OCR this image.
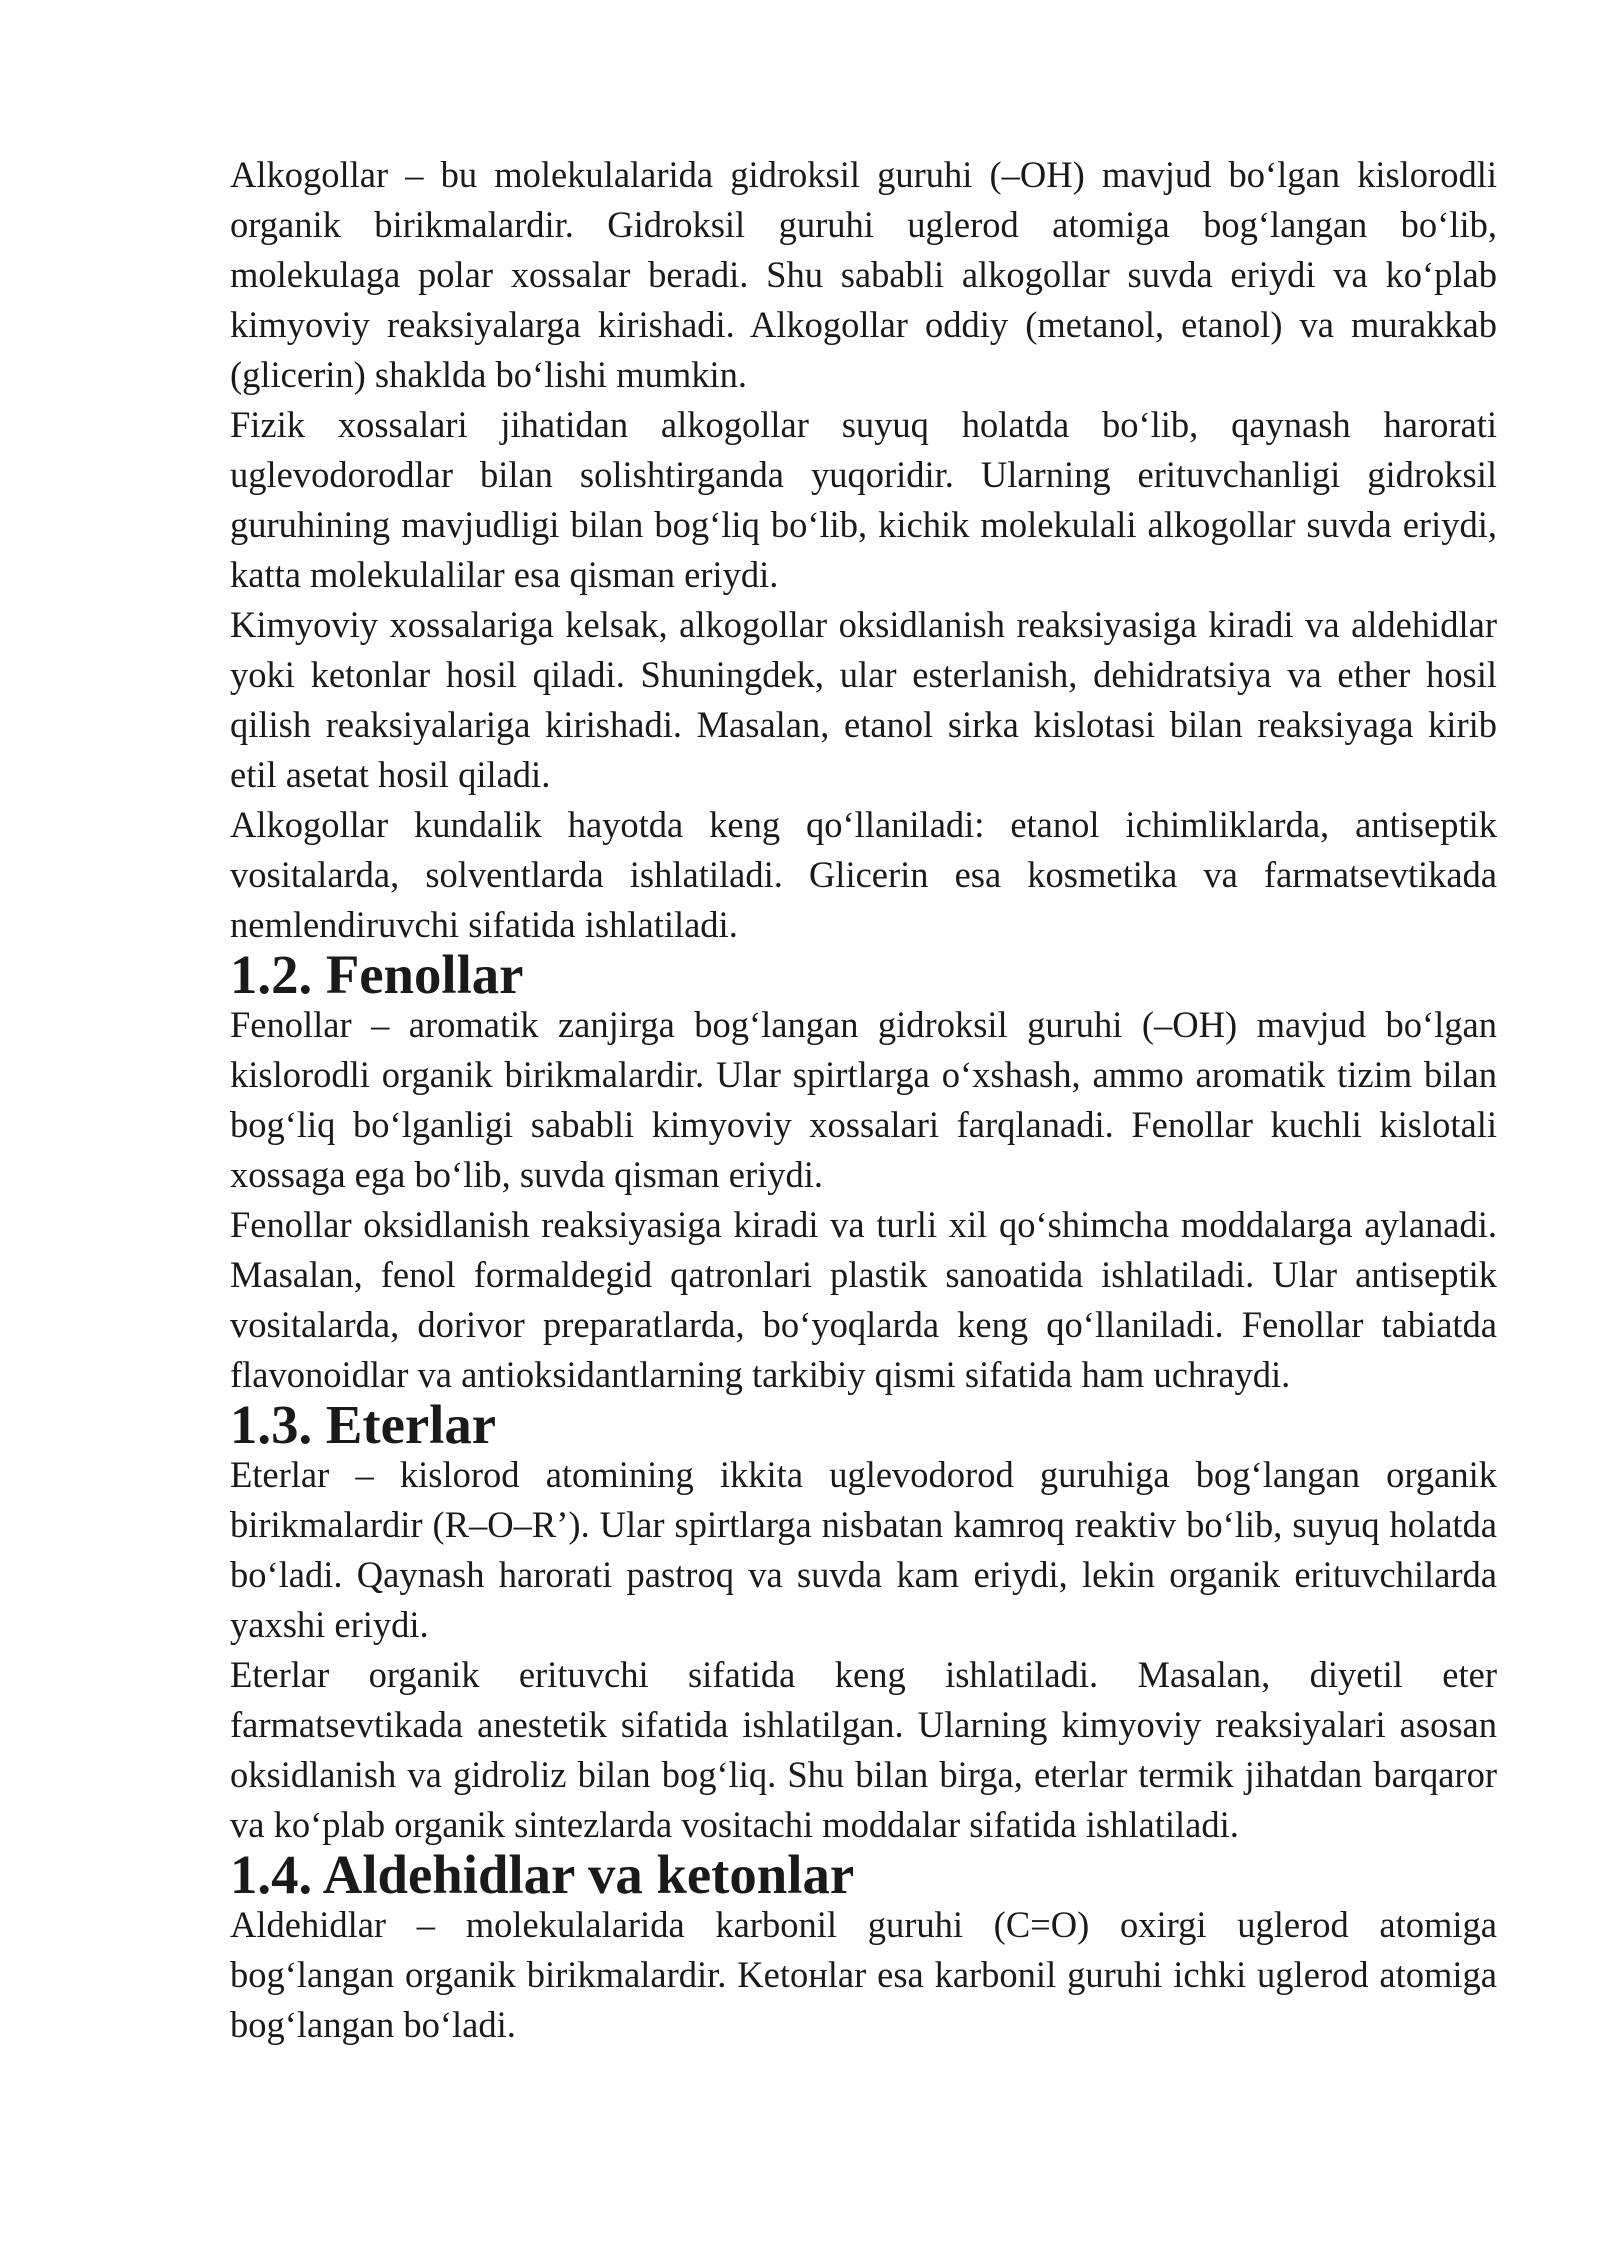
Alkogollar – bu molekulalarida gidroksil guruhi (–OH) mavjud bo‘lgan kislorodli organik birikmalardir. Gidroksil guruhi uglerod atomiga bog‘langan bo‘lib, molekulaga polar xossalar beradi. Shu sababli alkogollar suvda eriydi va ko‘plab kimyoviy reaksiyalarga kirishadi. Alkogollar oddiy (metanol, etanol) va murakkab (glicerin) shaklda bo‘lishi mumkin.

Fizik xossalari jihatidan alkogollar suyuq holatda bo‘lib, qaynash harorati uglevodorodlar bilan solishtirganda yuqoridir. Ularning erituvchanligi gidroksil guruhining mavjudligi bilan bog‘liq bo‘lib, kichik molekulali alkogollar suvda eriydi, katta molekulalilar esa qisman eriydi.

Kimyoviy xossalariga kelsak, alkogollar oksidlanish reaksiyasiga kiradi va aldehidlar yoki ketonlar hosil qiladi. Shuningdek, ular esterlanish, dehidratsiya va ether hosil qilish reaksiyalariga kirishadi. Masalan, etanol sirka kislotasi bilan reaksiyaga kirib etil asetat hosil qiladi.

Alkogollar kundalik hayotda keng qo‘llaniladi: etanol ichimliklarda, antiseptik vositalarda, solventlarda ishlatiladi. Glicerin esa kosmetika va farmatsevtikada nemlendiruvchi sifatida ishlatiladi.

1.2. Fenollar

Fenollar – aromatik zanjirga bog‘langan gidroksil guruhi (–OH) mavjud bo‘lgan kislorodli organik birikmalardir. Ular spirtlarga o‘xshash, ammo aromatik tizim bilan bog‘liq bo‘lganligi sababli kimyoviy xossalari farqlanadi. Fenollar kuchli kislotali xossaga ega bo‘lib, suvda qisman eriydi.

Fenollar oksidlanish reaksiyasiga kiradi va turli xil qo‘shimcha moddalarga aylanadi. Masalan, fenol formaldegid qatronlari plastik sanoatida ishlatiladi. Ular antiseptik vositalarda, dorivor preparatlarda, bo‘yoqlarda keng qo‘llaniladi. Fenollar tabiatda flavonoidlar va antioksidantlarning tarkibiy qismi sifatida ham uchraydi.

1.3. Eterlar

Eterlar – kislorod atomining ikkita uglevodorod guruhiga bog‘langan organik birikmalardir (R–O–R’). Ular spirtlarga nisbatan kamroq reaktiv bo‘lib, suyuq holatda bo‘ladi. Qaynash harorati pastroq va suvda kam eriydi, lekin organik erituvchilarda yaxshi eriydi.

Eterlar organik erituvchi sifatida keng ishlatiladi. Masalan, diyetil eter farmatsevtikada anestetik sifatida ishlatilgan. Ularning kimyoviy reaksiyalari asosan oksidlanish va gidroliz bilan bog‘liq. Shu bilan birga, eterlar termik jihatdan barqaror va ko‘plab organik sintezlarda vositachi moddalar sifatida ishlatiladi.

1.4. Aldehidlar va ketonlar

Aldehidlar – molekulalarida karbonil guruhi (C=O) oxirgi uglerod atomiga bog‘langan organik birikmalardir. Ketонlar esa karbonil guruhi ichki uglerod atomiga bog‘langan bo‘ladi.
